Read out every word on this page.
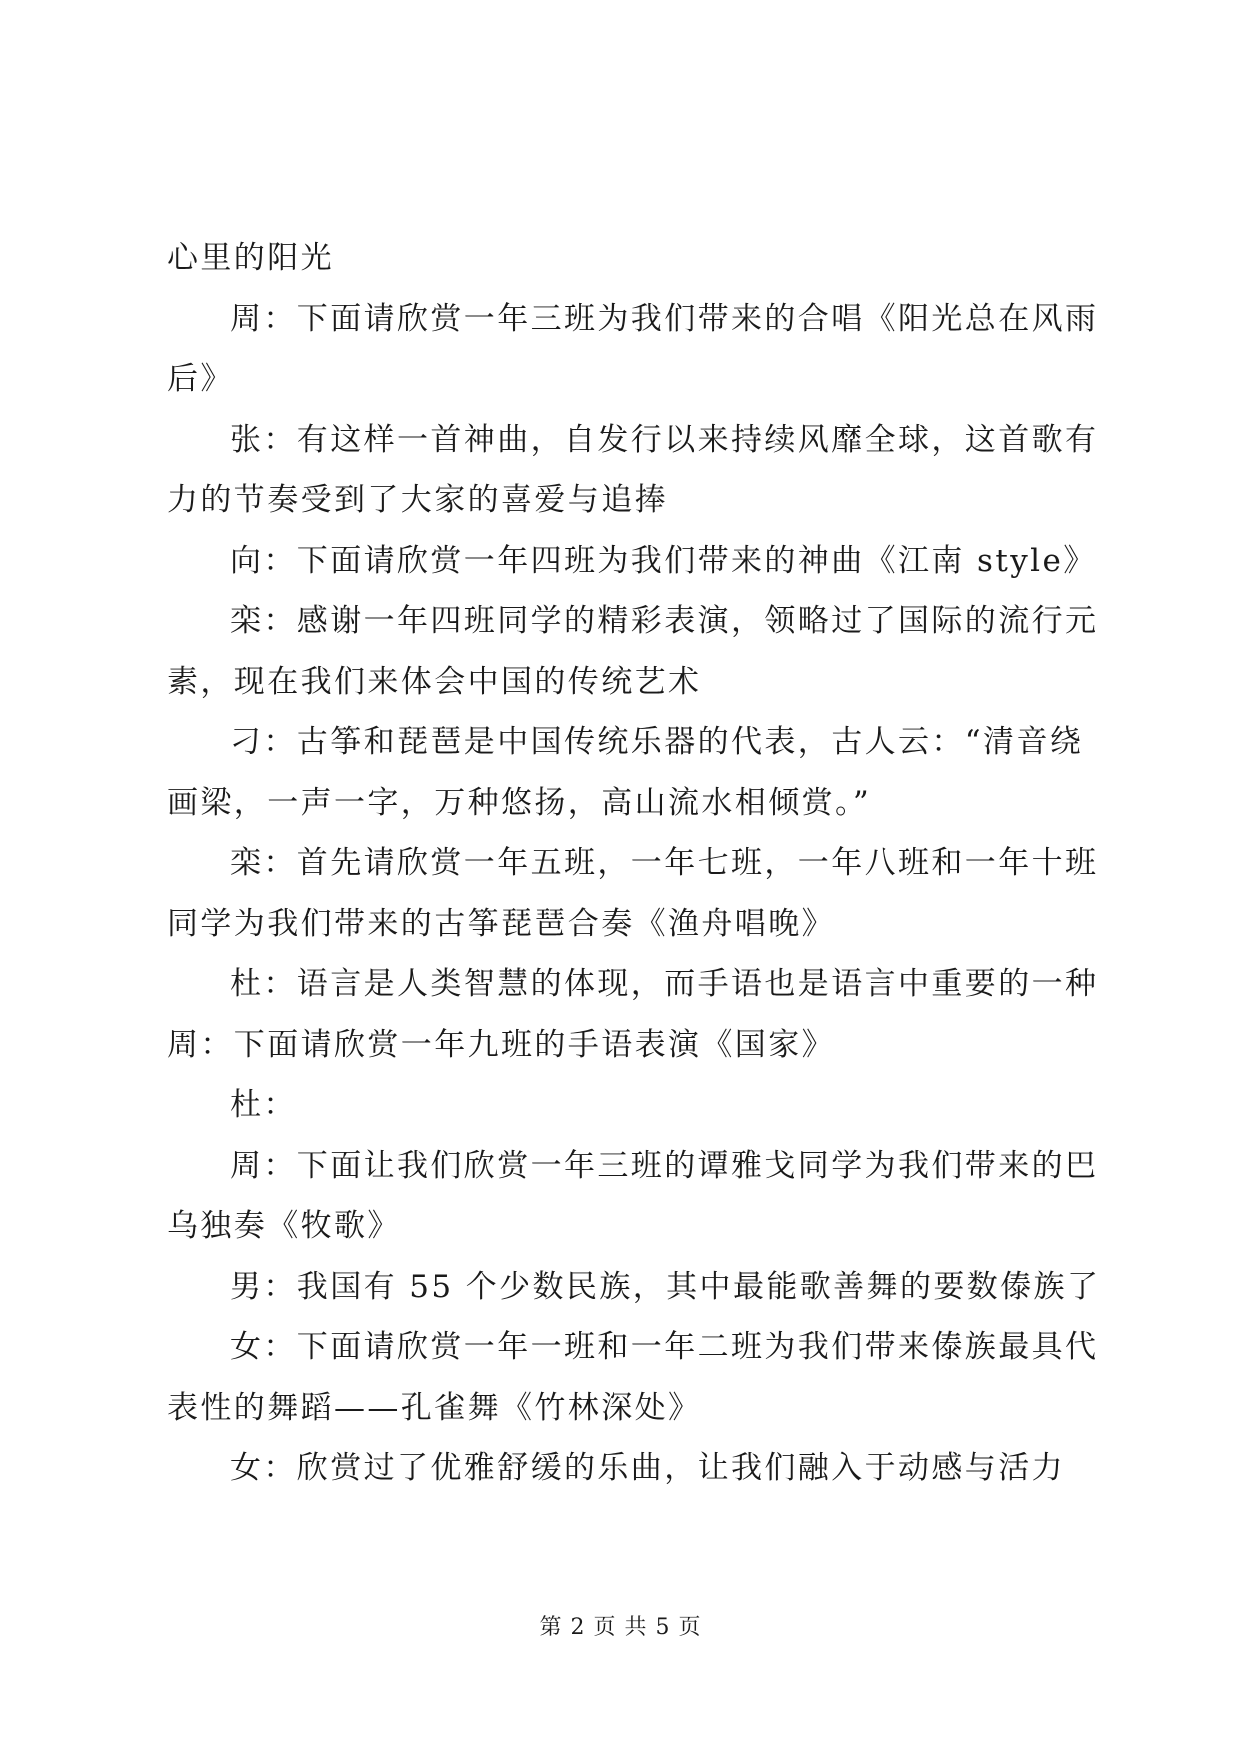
心里的阳光
周：下面请欣赏一年三班为我们带来的合唱《阳光总在风雨
后》
张：有这样一首神曲，自发行以来持续风靡全球，这首歌有
力的节奏受到了大家的喜爱与追捧
向：下面请欣赏一年四班为我们带来的神曲《江南 style》
栾：感谢一年四班同学的精彩表演，领略过了国际的流行元
素，现在我们来体会中国的传统艺术
刁：古筝和琵琶是中国传统乐器的代表，古人云：“清音绕
画梁，一声一字，万种悠扬，高山流水相倾赏。”
栾：首先请欣赏一年五班，一年七班，一年八班和一年十班
同学为我们带来的古筝琵琶合奏《渔舟唱晚》
杜：语言是人类智慧的体现，而手语也是语言中重要的一种
周：下面请欣赏一年九班的手语表演《国家》
杜：
周：下面让我们欣赏一年三班的谭雅戈同学为我们带来的巴
乌独奏《牧歌》
男：我国有 55 个少数民族，其中最能歌善舞的要数傣族了
女：下面请欣赏一年一班和一年二班为我们带来傣族最具代
表性的舞蹈——孔雀舞《竹林深处》
女：欣赏过了优雅舒缓的乐曲，让我们融入于动感与活力
第 2 页 共 5 页
